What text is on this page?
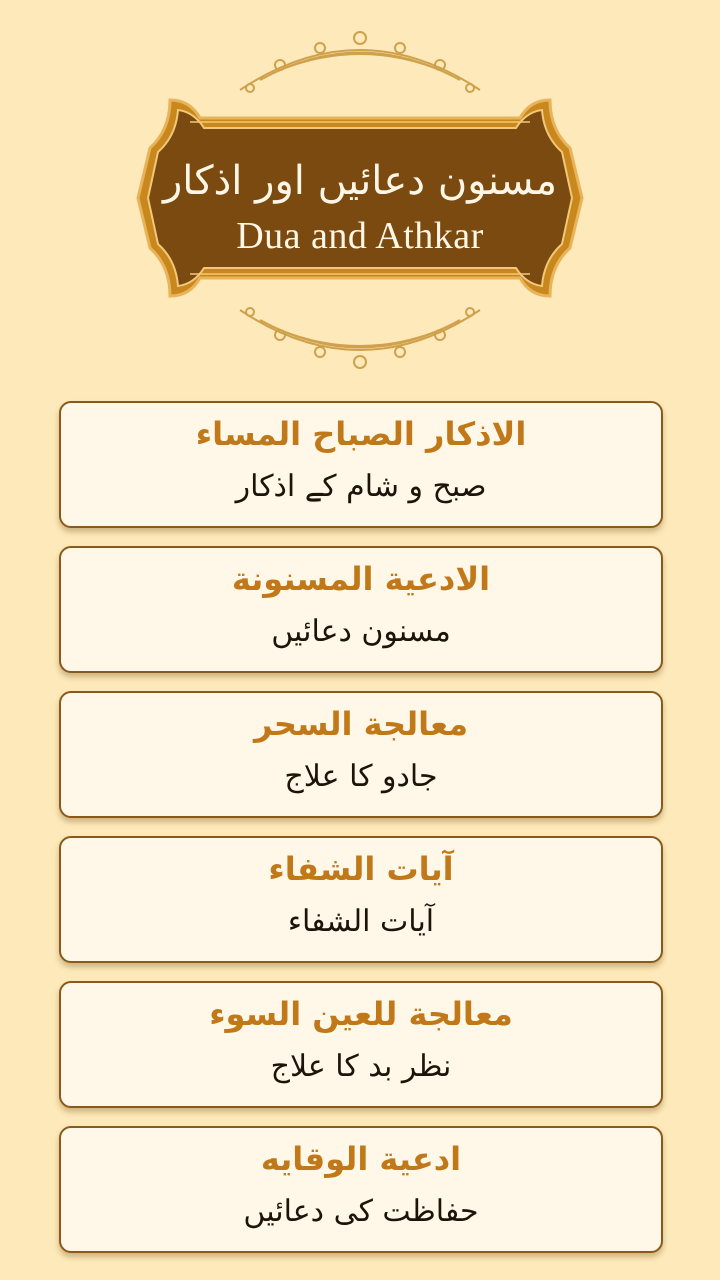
مسنون دعائیں اور اذکار
Dua and Athkar
الاذكار الصباح المساء
صبح و شام کے اذکار
الادعية المسنونة
مسنون دعائیں
معالجة السحر
جادو کا علاج
آيات الشفاء
آیات الشفاء
معالجة للعين السوء
نظر بد کا علاج
ادعية الوقايه
حفاظت کی دعائیں
